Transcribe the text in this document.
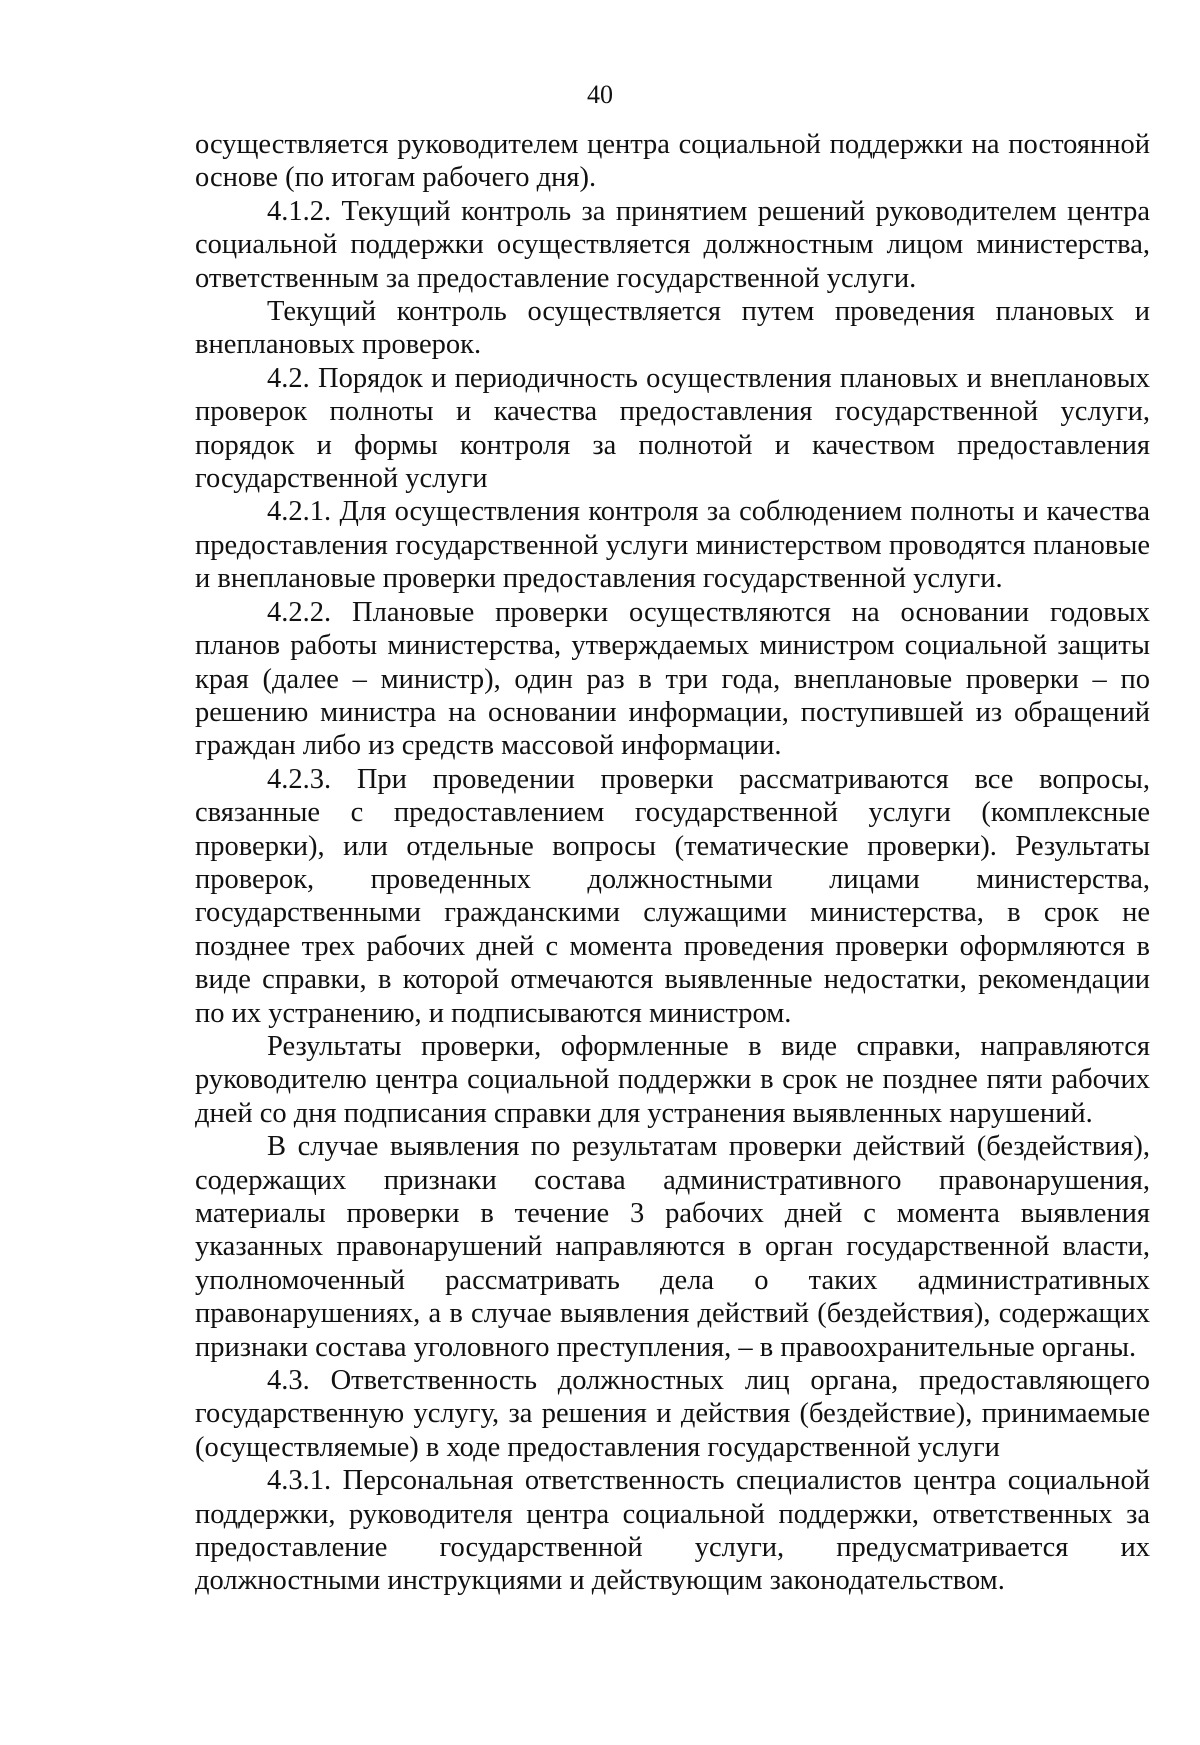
40

осуществляется руководителем центра социальной поддержки на постоянной основе (по итогам рабочего дня).

4.1.2. Текущий контроль за принятием решений руководителем центра социальной поддержки осуществляется должностным лицом министерства, ответственным за предоставление государственной услуги.

Текущий контроль осуществляется путем проведения плановых и внеплановых проверок.

4.2. Порядок и периодичность осуществления плановых и внеплановых проверок полноты и качества предоставления государственной услуги, порядок и формы контроля за полнотой и качеством предоставления государственной услуги

4.2.1. Для осуществления контроля за соблюдением полноты и качества предоставления государственной услуги министерством проводятся плановые и внеплановые проверки предоставления государственной услуги.

4.2.2. Плановые проверки осуществляются на основании годовых планов работы министерства, утверждаемых министром социальной защиты края (далее – министр), один раз в три года, внеплановые проверки – по решению министра на основании информации, поступившей из обращений граждан либо из средств массовой информации.

4.2.3. При проведении проверки рассматриваются все вопросы, связанные с предоставлением государственной услуги (комплексные проверки), или отдельные вопросы (тематические проверки). Результаты проверок, проведенных должностными лицами министерства, государственными гражданскими служащими министерства, в срок не позднее трех рабочих дней с момента проведения проверки оформляются в виде справки, в которой отмечаются выявленные недостатки, рекомендации по их устранению, и подписываются министром.

Результаты проверки, оформленные в виде справки, направляются руководителю центра социальной поддержки в срок не позднее пяти рабочих дней со дня подписания справки для устранения выявленных нарушений.

В случае выявления по результатам проверки действий (бездействия), содержащих признаки состава административного правонарушения, материалы проверки в течение 3 рабочих дней с момента выявления указанных правонарушений направляются в орган государственной власти, уполномоченный рассматривать дела о таких административных правонарушениях, а в случае выявления действий (бездействия), содержащих признаки состава уголовного преступления, – в правоохранительные органы.

4.3. Ответственность должностных лиц органа, предоставляющего государственную услугу, за решения и действия (бездействие), принимаемые (осуществляемые) в ходе предоставления государственной услуги

4.3.1. Персональная ответственность специалистов центра социальной поддержки, руководителя центра социальной поддержки, ответственных за предоставление государственной услуги, предусматривается их должностными инструкциями и действующим законодательством.
